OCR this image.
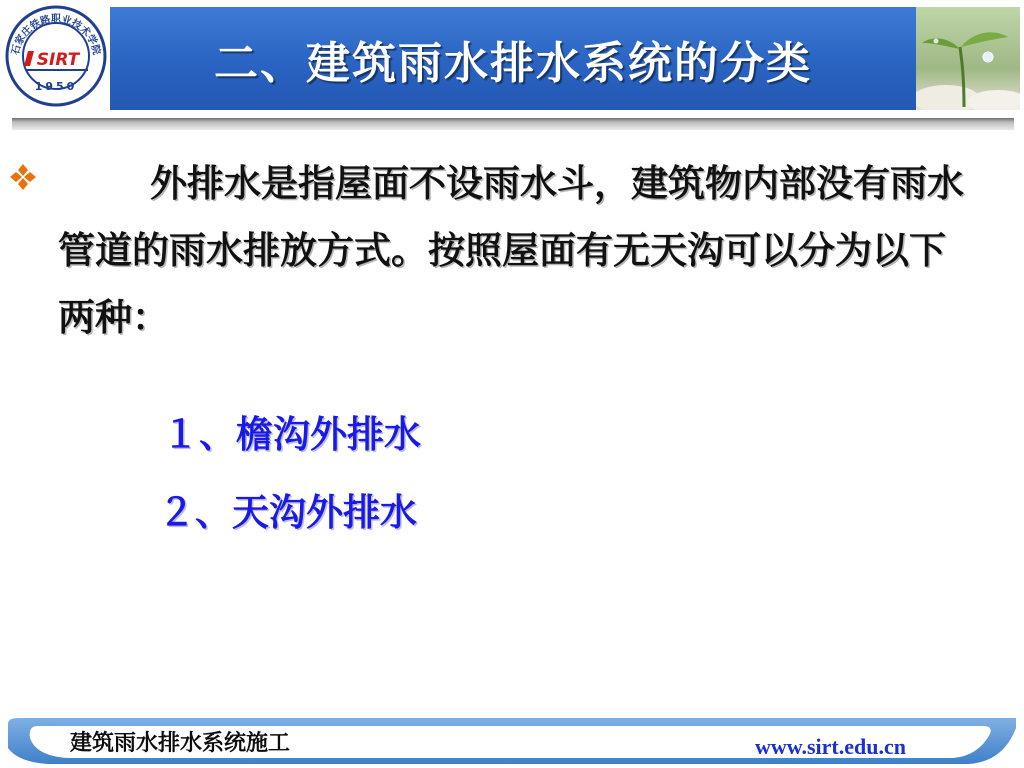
石家庄铁路职业技术学院
SIRT
1950	二、建筑雨水排水系统的分类
外排水是指屋面不设雨水斗，建筑物内部没有雨水管道的雨水排放方式。按照屋面有无天沟可以分为以下两种：
１、檐沟外排水
２、天沟外排水
建筑雨水排水系统施工	www.sirt.edu.cn
